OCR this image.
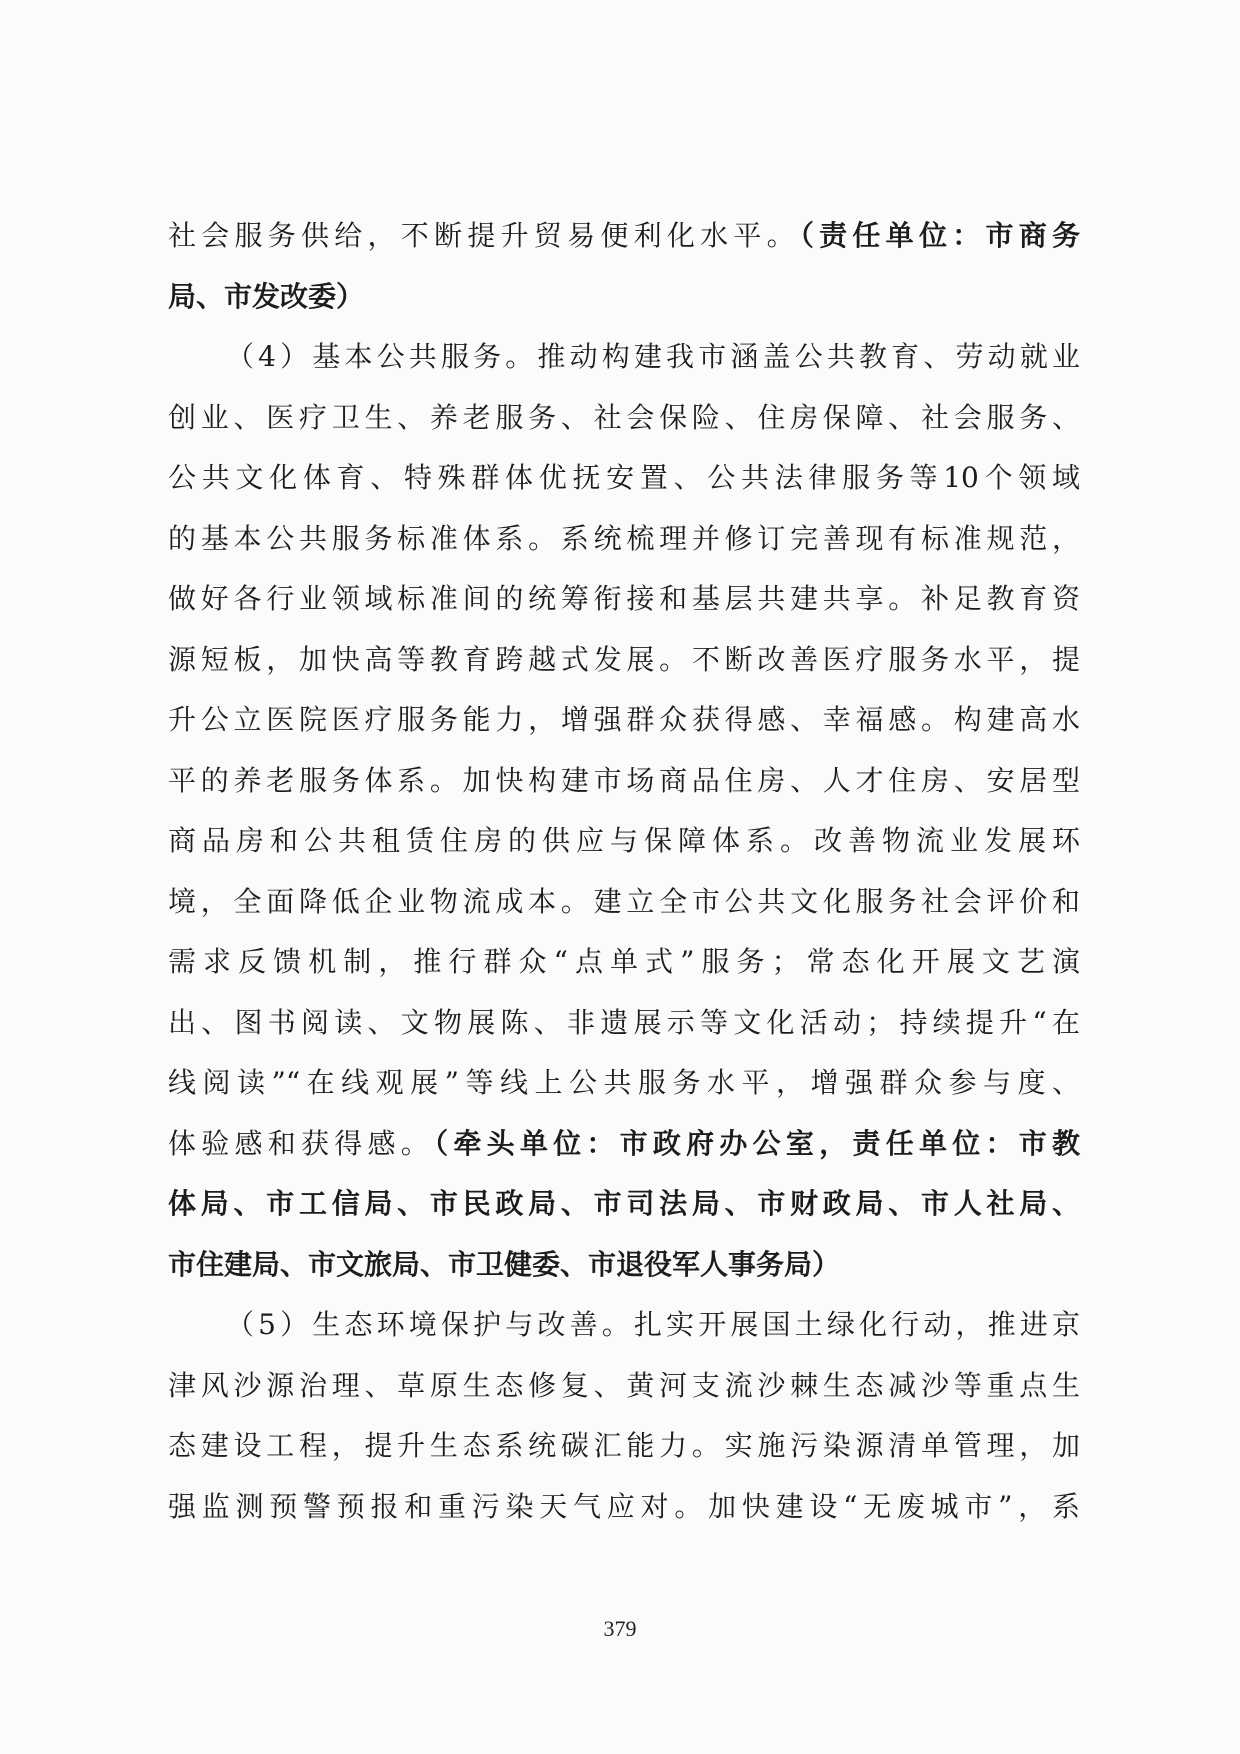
社会服务供给，不断提升贸易便利化水平。（责任单位：市商务
局、市发改委）
（4）基本公共服务。推动构建我市涵盖公共教育、劳动就业
创业、医疗卫生、养老服务、社会保险、住房保障、社会服务、
公共文化体育、特殊群体优抚安置、公共法律服务等10个领域
的基本公共服务标准体系。系统梳理并修订完善现有标准规范，
做好各行业领域标准间的统筹衔接和基层共建共享。补足教育资
源短板，加快高等教育跨越式发展。不断改善医疗服务水平，提
升公立医院医疗服务能力，增强群众获得感、幸福感。构建高水
平的养老服务体系。加快构建市场商品住房、人才住房、安居型
商品房和公共租赁住房的供应与保障体系。改善物流业发展环
境，全面降低企业物流成本。建立全市公共文化服务社会评价和
需求反馈机制，推行群众“点单式”服务；常态化开展文艺演
出、图书阅读、文物展陈、非遗展示等文化活动；持续提升“在
线阅读”“在线观展”等线上公共服务水平，增强群众参与度、
体验感和获得感。（牵头单位：市政府办公室，责任单位：市教
体局、市工信局、市民政局、市司法局、市财政局、市人社局、
市住建局、市文旅局、市卫健委、市退役军人事务局）
（5）生态环境保护与改善。扎实开展国土绿化行动，推进京
津风沙源治理、草原生态修复、黄河支流沙棘生态减沙等重点生
态建设工程，提升生态系统碳汇能力。实施污染源清单管理，加
强监测预警预报和重污染天气应对。加快建设“无废城市”，系
379
